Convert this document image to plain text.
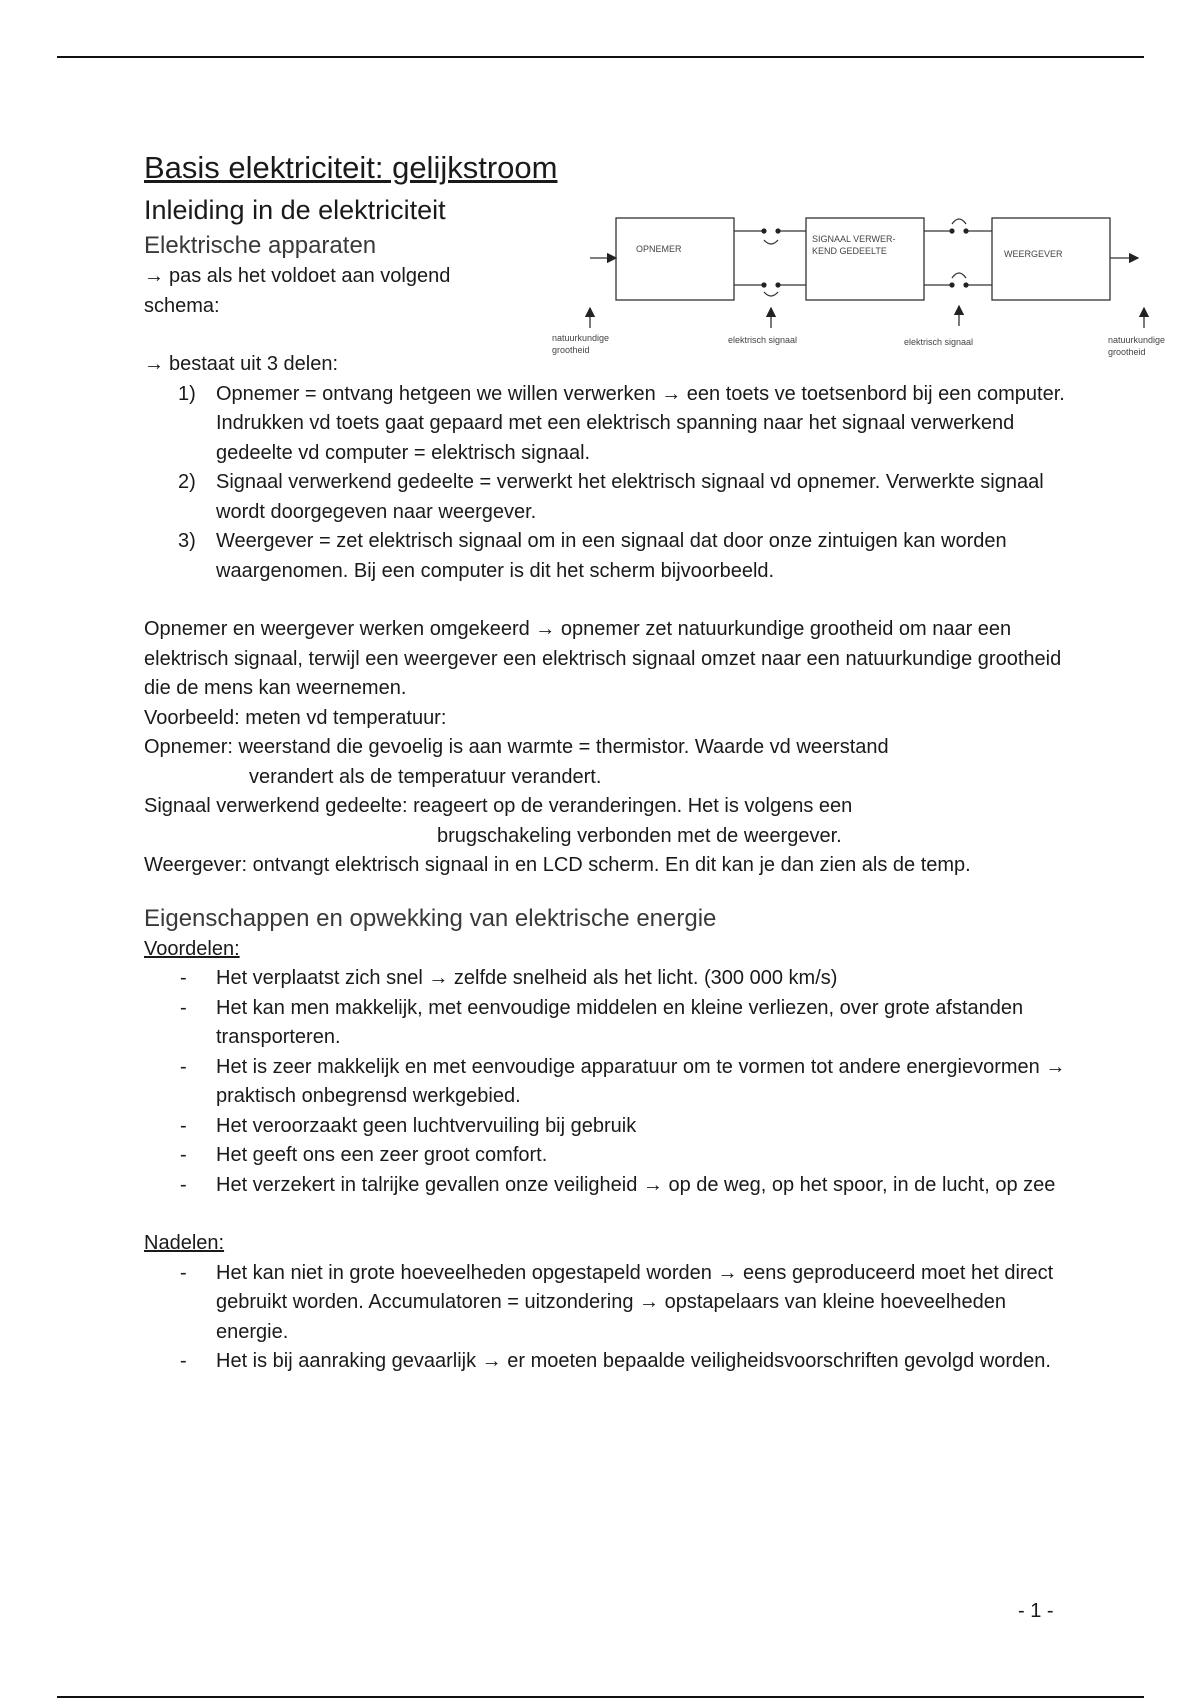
Basis elektriciteit: gelijkstroom
Inleiding in de elektriciteit
Elektrische apparaten

→ pas als het voldoet aan volgend schema:

→ bestaat uit 3 delen:

1) Opnemer = ontvang hetgeen we willen verwerken → een toets ve toetsenbord bij een computer. Indrukken vd toets gaat gepaard met een elektrisch spanning naar het signaal verwerkend gedeelte vd computer = elektrisch signaal.
2) Signaal verwerkend gedeelte = verwerkt het elektrisch signaal vd opnemer. Verwerkte signaal wordt doorgegeven naar weergever.
3) Weergever = zet elektrisch signaal om in een signaal dat door onze zintuigen kan worden waargenomen. Bij een computer is dit het scherm bijvoorbeeld.

Opnemer en weergever werken omgekeerd → opnemer zet natuurkundige grootheid om naar een elektrisch signaal, terwijl een weergever een elektrisch signaal omzet naar een natuurkundige grootheid die de mens kan weernemen.

Voorbeeld: meten vd temperatuur:

Opnemer: weerstand die gevoelig is aan warmte = thermistor. Waarde vd weerstand

verandert als de temperatuur verandert.

Signaal verwerkend gedeelte: reageert op de veranderingen. Het is volgens een

brugschakeling verbonden met de weergever.

Weergever: ontvangt elektrisch signaal in en LCD scherm. En dit kan je dan zien als de temp.

Eigenschappen en opwekking van elektrische energie

Voordelen:

- Het verplaatst zich snel → zelfde snelheid als het licht. (300 000 km/s)
- Het kan men makkelijk, met eenvoudige middelen en kleine verliezen, over grote afstanden transporteren.
- Het is zeer makkelijk en met eenvoudige apparatuur om te vormen tot andere energievormen → praktisch onbegrensd werkgebied.
- Het veroorzaakt geen luchtvervuiling bij gebruik
- Het geeft ons een zeer groot comfort.
- Het verzekert in talrijke gevallen onze veiligheid → op de weg, op het spoor, in de lucht, op zee

Nadelen:

- Het kan niet in grote hoeveelheden opgestapeld worden → eens geproduceerd moet het direct gebruikt worden. Accumulatoren = uitzondering → opstapelaars van kleine hoeveelheden energie.
- Het is bij aanraking gevaarlijk → er moeten bepaalde veiligheidsvoorschriften gevolgd worden.
OPNEMER
SIGNAAL VERWER-
KEND GEDEELTE	WEERGEVER
natuurkundige
grootheid
elektrisch signaal	elektrisch signaal	natuurkundige
grootheid
- 1 -
